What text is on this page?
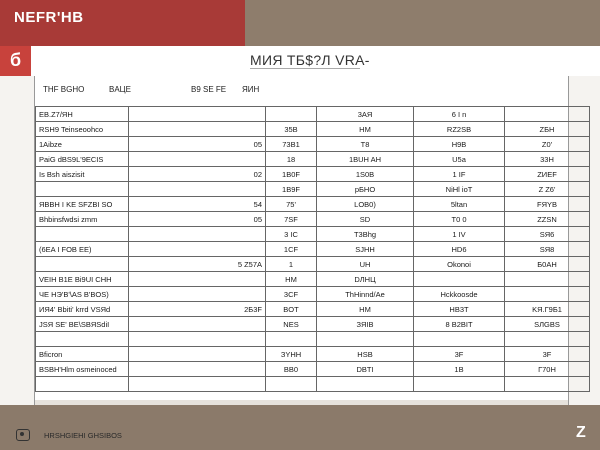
NEFR'HB
б	MИЯ TБ$?Л VRA-
THF BGHO	BAЦE	B9 SE FE ЯИH
EB.Z7/ЯH			3AЯ	6 I n	
RSH9 Teinseoohco		35B	HM	RZ2SB	ZБH
1Aibze	05	73B1	T8	H9B	Z0'
PaiG dBS9L'9ECIS		18	1BUH AH	U5a	33H
Is Bsh aiszisit	02	1B0F	1S0B	1 IF	ZИEF
		1B9F	pБHO	NiHl ioT	Z Z6'
ЯBBH I KE SFZBI SO	54	75'	LOB0)	5ltan	FЯYB
Bhbinsfwdsi zmm	05	7SF	SD	T0 0	ZZSN
		3 IC	T3Bhg	1 IV	SЯ6
(6EA I FOB EE)		1CF	SJHH	HD6	SЯ8
	5 Z57A	1	UH	Okonoi	Б0AH
VEIH B1E Bi9UI CHH		HM	DЛHЦ		
ЧЕ HЭ'B'\AS B'BOS)		3CF	ThHinnd/Ae	Hckkoosde	
ИЯ4' Bbiti' krrd VSЯd	2Б3F	BOT	HM	HB3T	KЯ.Г9Б1
JSЯ SE' BЕ\SBЯSdiI		NES	ЗЯIB	8 B2BIT	SЛGBS

Bficron		ЗYHH	HSB	3F	3F
BSBH'Hlm osmeinoced		BB0	DBTI	1B	Г70H

HRSHGIEHI GHSIBOS	Z
